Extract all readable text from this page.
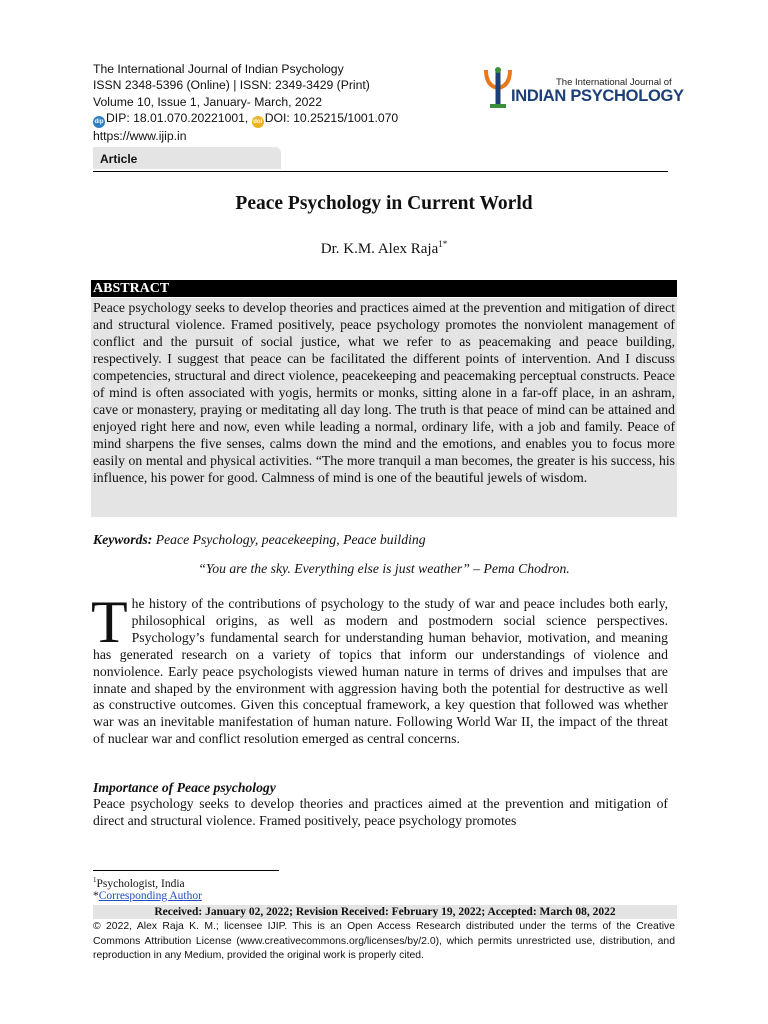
The International Journal of Indian Psychology
ISSN 2348-5396 (Online) | ISSN: 2349-3429 (Print)
Volume 10, Issue 1, January- March, 2022
dip DIP: 18.01.070.20221001, doi DOI: 10.25215/1001.070
https://www.ijip.in
The International Journal of
INDIAN PSYCHOLOGY
Article
Peace Psychology in Current World
Dr. K.M. Alex Raja$^{1*}$
ABSTRACT
Peace psychology seeks to develop theories and practices aimed at the prevention and mitigation of direct and structural violence. Framed positively, peace psychology promotes the nonviolent management of conflict and the pursuit of social justice, what we refer to as peacemaking and peace building, respectively. I suggest that peace can be facilitated the different points of intervention. And I discuss competencies, structural and direct violence, peacekeeping and peacemaking perceptual constructs. Peace of mind is often associated with yogis, hermits or monks, sitting alone in a far-off place, in an ashram, cave or monastery, praying or meditating all day long. The truth is that peace of mind can be attained and enjoyed right here and now, even while leading a normal, ordinary life, with a job and family. Peace of mind sharpens the five senses, calms down the mind and the emotions, and enables you to focus more easily on mental and physical activities. “The more tranquil a man becomes, the greater is his success, his influence, his power for good. Calmness of mind is one of the beautiful jewels of wisdom.
Keywords: Peace Psychology, peacekeeping, Peace building
“You are the sky. Everything else is just weather” – Pema Chodron.
The history of the contributions of psychology to the study of war and peace includes both early, philosophical origins, as well as modern and postmodern social science perspectives. Psychology’s fundamental search for understanding human behavior, motivation, and meaning has generated research on a variety of topics that inform our understandings of violence and nonviolence. Early peace psychologists viewed human nature in terms of drives and impulses that are innate and shaped by the environment with aggression having both the potential for destructive as well as constructive outcomes. Given this conceptual framework, a key question that followed was whether war was an inevitable manifestation of human nature. Following World War II, the impact of the threat of nuclear war and conflict resolution emerged as central concerns.
Importance of Peace psychology
Peace psychology seeks to develop theories and practices aimed at the prevention and mitigation of direct and structural violence. Framed positively, peace psychology promotes
$^1$Psychologist, India
*Corresponding Author
Received: January 02, 2022; Revision Received: February 19, 2022; Accepted: March 08, 2022
© 2022, Alex Raja K. M.; licensee IJIP. This is an Open Access Research distributed under the terms of the Creative Commons Attribution License (www.creativecommons.org/licenses/by/2.0), which permits unrestricted use, distribution, and reproduction in any Medium, provided the original work is properly cited.
